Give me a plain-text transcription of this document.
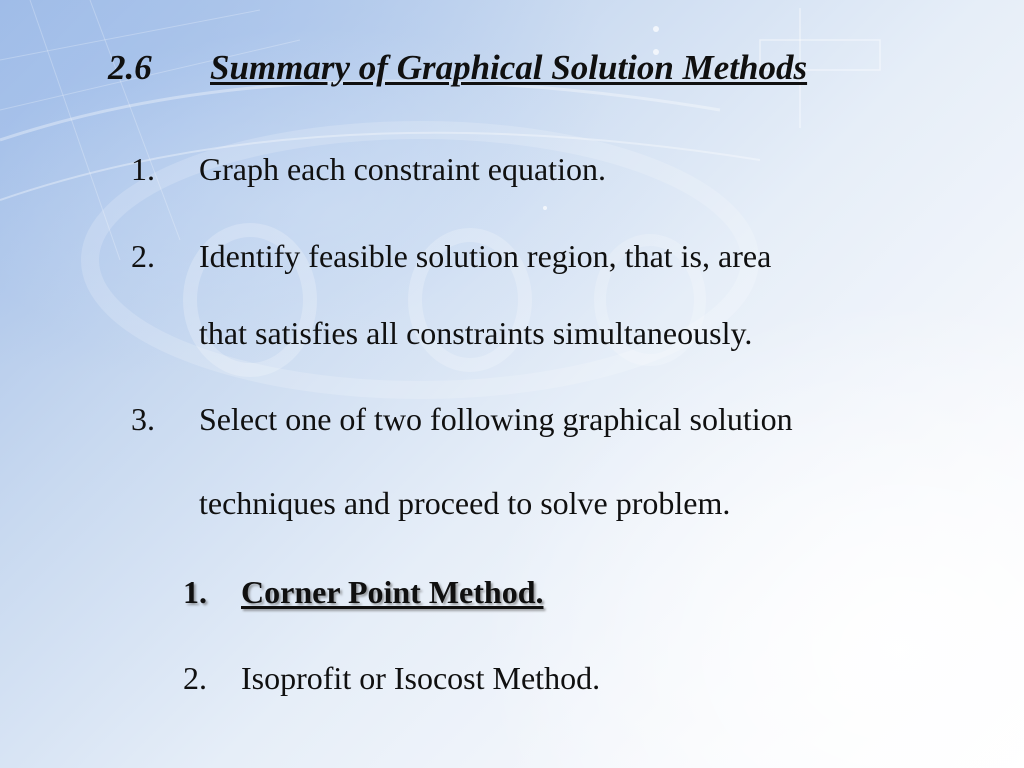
2.6 Summary of Graphical Solution Methods
1. Graph each constraint equation.
2. Identify feasible solution region, that is, area
that satisfies all constraints simultaneously.
3. Select one of two following graphical solution
techniques and proceed to solve problem.
1. Corner Point Method.
2. Isoprofit or Isocost Method.
